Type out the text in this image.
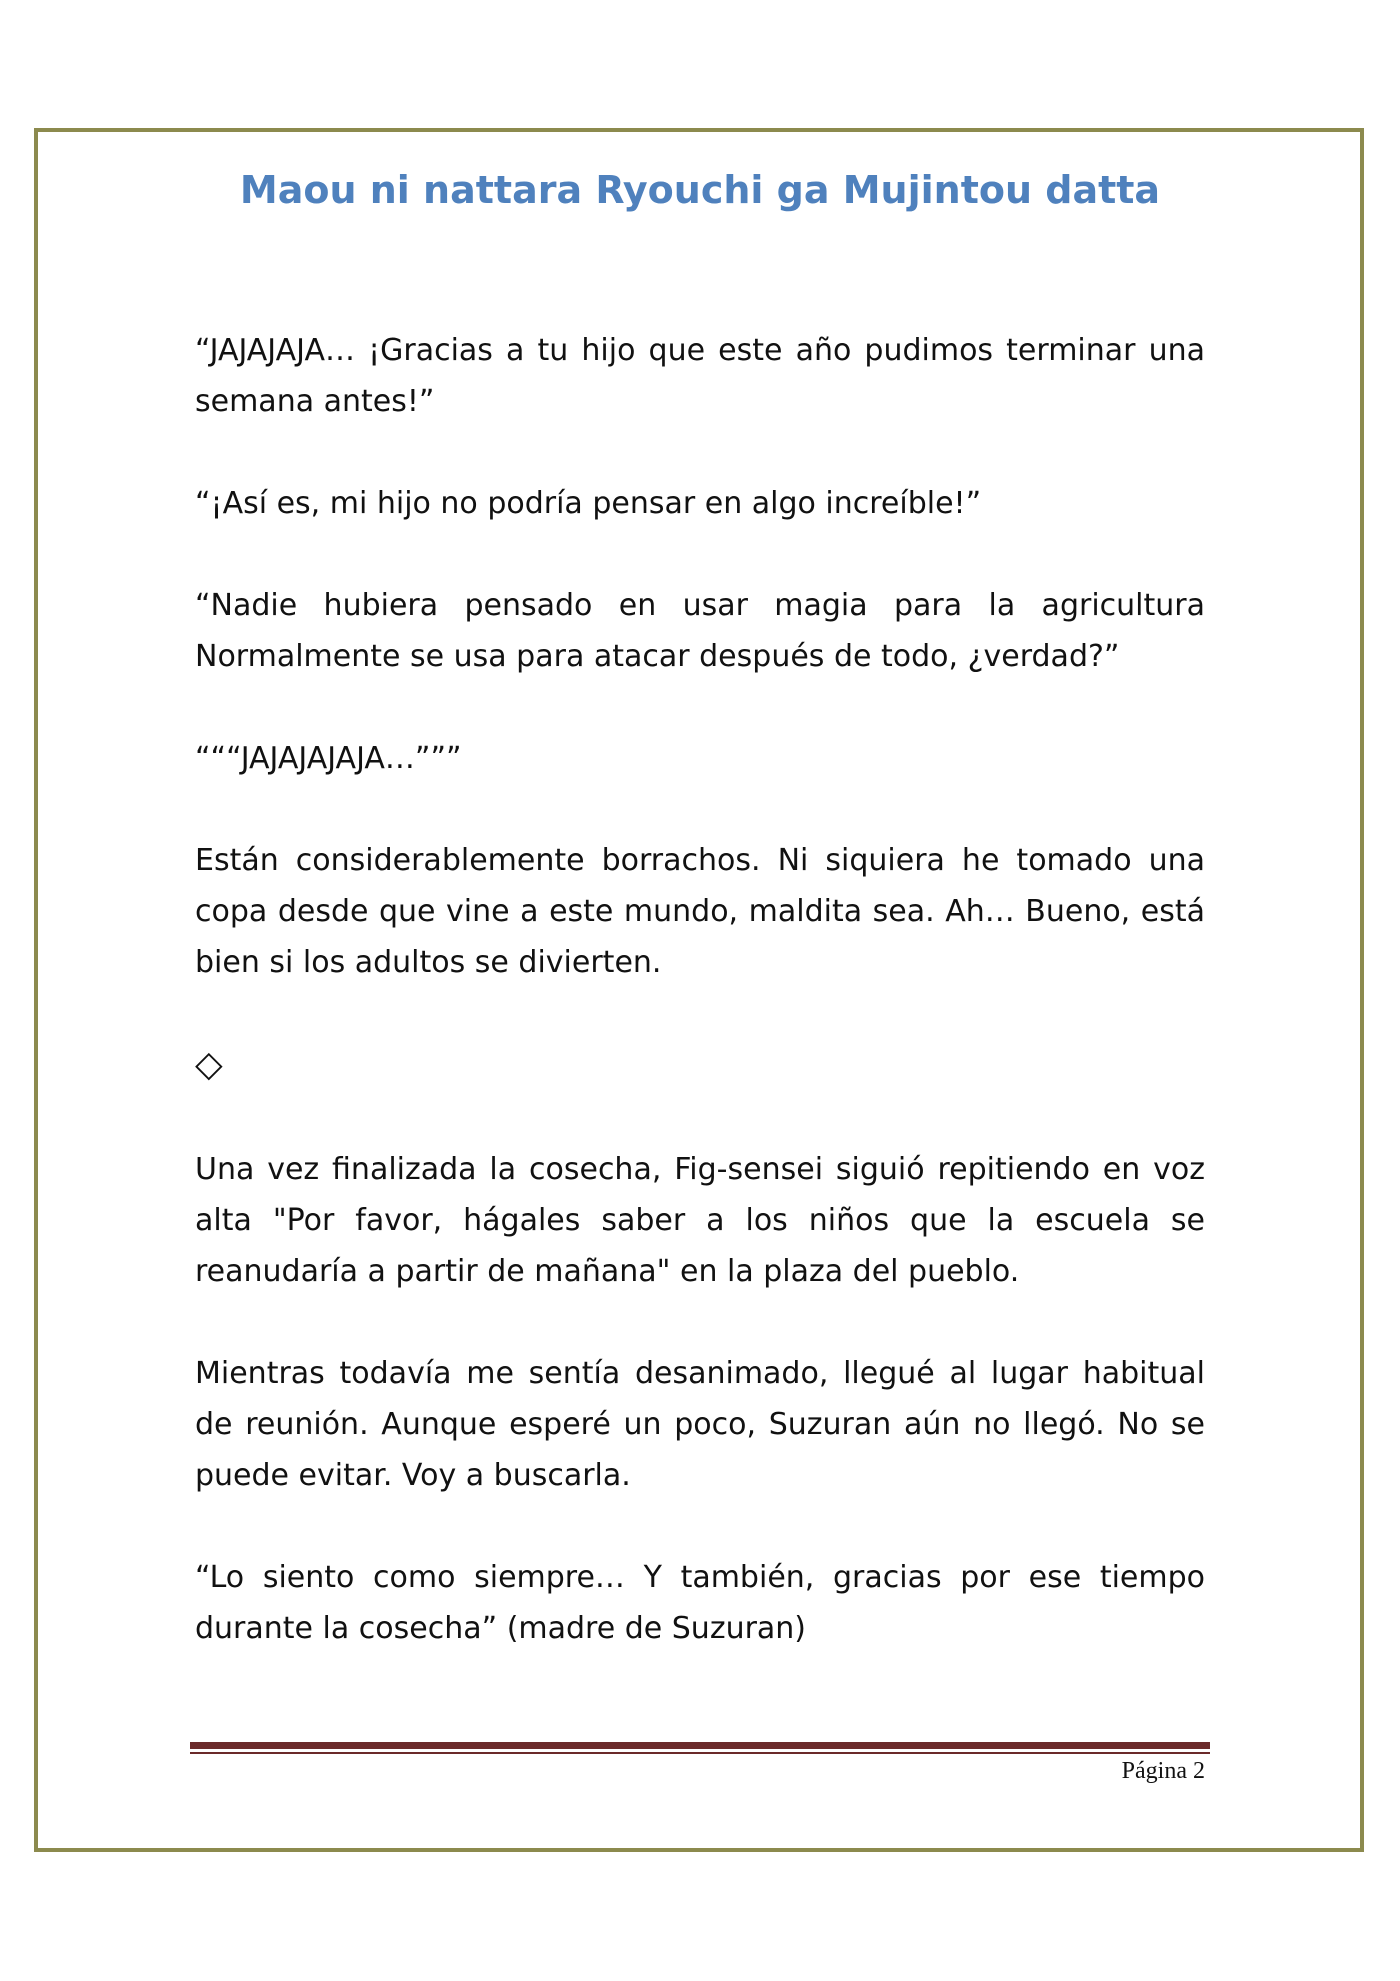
Maou ni nattara Ryouchi ga Mujintou datta

“JAJAJAJA… ¡Gracias a tu hijo que este año pudimos terminar una semana antes!”

“¡Así es, mi hijo no podría pensar en algo increíble!”

“Nadie hubiera pensado en usar magia para la agricultura Normalmente se usa para atacar después de todo, ¿verdad?”

“““JAJAJAJAJA…”””

Están considerablemente borrachos. Ni siquiera he tomado una copa desde que vine a este mundo, maldita sea. Ah… Bueno, está bien si los adultos se divierten.

◇

Una vez finalizada la cosecha, Fig-sensei siguió repitiendo en voz alta "Por favor, hágales saber a los niños que la escuela se reanudaría a partir de mañana" en la plaza del pueblo.

Mientras todavía me sentía desanimado, llegué al lugar habitual de reunión. Aunque esperé un poco, Suzuran aún no llegó. No se puede evitar. Voy a buscarla.

“Lo siento como siempre… Y también, gracias por ese tiempo durante la cosecha” (madre de Suzuran)

Página 2
